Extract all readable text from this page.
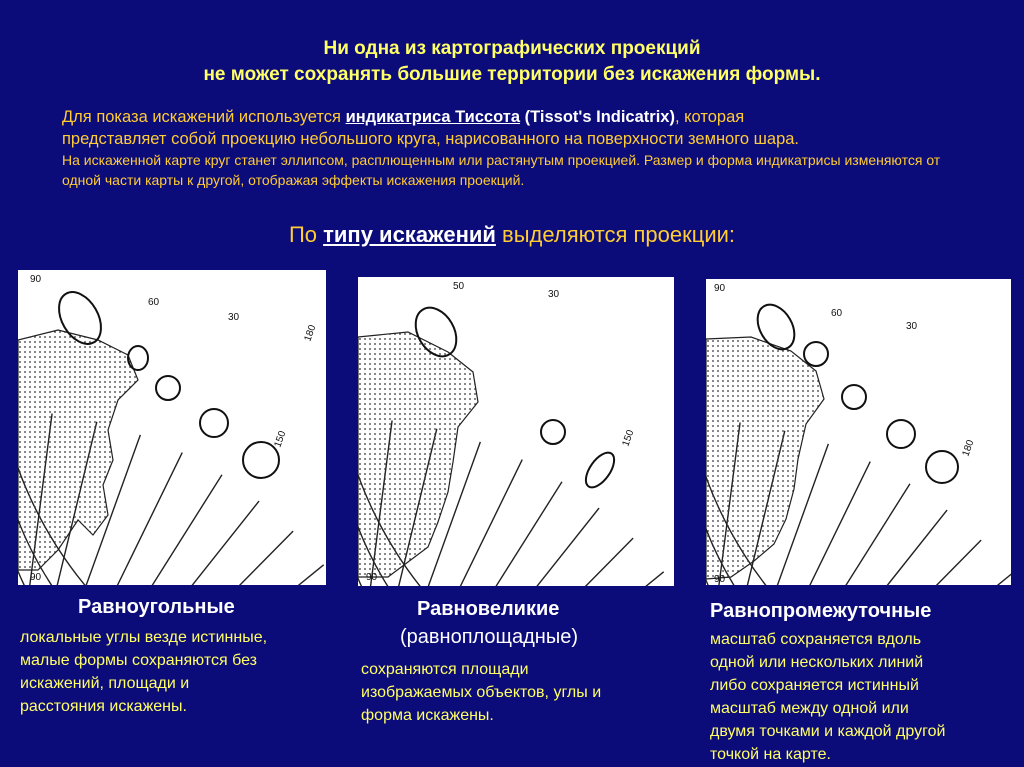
Ни одна из картографических проекций
не может сохранять большие территории без искажения формы.
Для показа искажений используется индикатриса Тиссота (Tissot's Indicatrix), которая
представляет собой проекцию небольшого круга, нарисованного на поверхности земного шара.
На искаженной карте круг станет эллипсом, расплющенным или растянутым проекцией. Размер и форма индикатрисы изменяются от одной части карты к другой, отображая эффекты искажения проекций.
По типу искажений выделяются проекции:
90
60
30
150
180
90
50
30
150
90
90
60
30
180
90
Равноугольные
локальные углы везде истинные,
малые формы сохраняются без
искажений, площади и
расстояния искажены.
Равновеликие
(равноплощадные)
сохраняются площади
изображаемых объектов, углы и
форма искажены.
Равнопромежуточные
масштаб сохраняется вдоль
одной или нескольких линий
либо сохраняется истинный
масштаб между одной или
двумя точками и каждой другой
точкой на карте.
